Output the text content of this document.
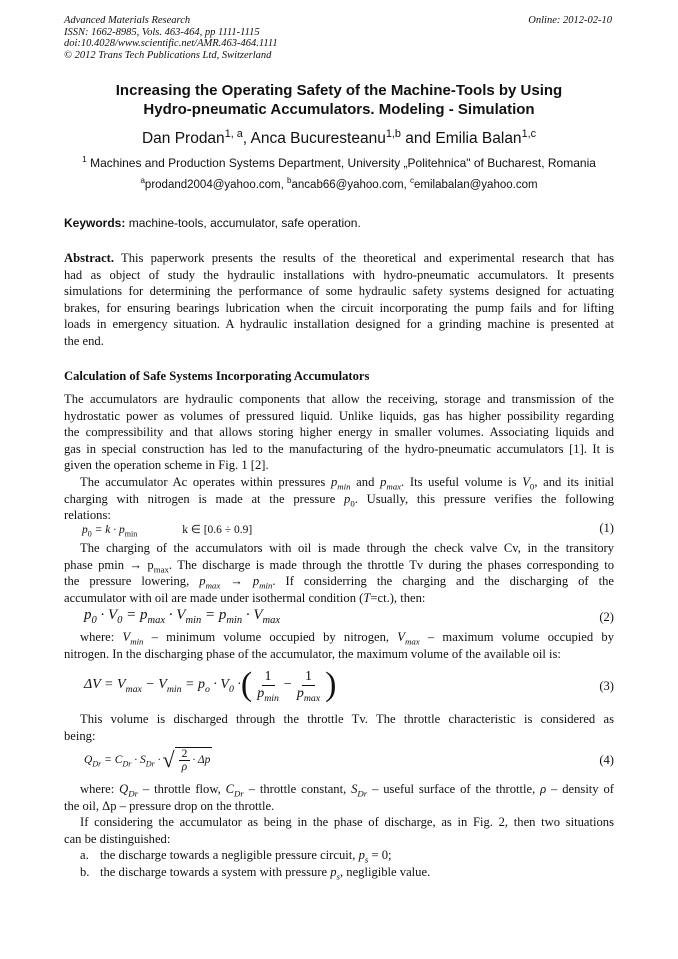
Advanced Materials Research
ISSN: 1662-8985, Vols. 463-464, pp 1111-1115
doi:10.4028/www.scientific.net/AMR.463-464.1111
© 2012 Trans Tech Publications Ltd, Switzerland
Online: 2012-02-10
Increasing the Operating Safety of the Machine-Tools by Using
Hydro-pneumatic Accumulators. Modeling - Simulation
Dan Prodan$^{1, a}$, Anca Bucuresteanu$^{1,b}$ and Emilia Balan$^{1,c}$
$^1$ Machines and Production Systems Department, University „Politehnica" of Bucharest, Romania
$^a$prodand2004@yahoo.com, $^b$ancab66@yahoo.com, $^c$emilabalan@yahoo.com
Keywords: machine-tools, accumulator, safe operation.
Abstract. This paperwork presents the results of the theoretical and experimental research that has
had as object of study the hydraulic installations with hydro-pneumatic accumulators. It presents
simulations for determining the performance of some hydraulic safety systems designed for actuating
brakes, for ensuring bearings lubrication when the circuit incorporating the pump fails and for lifting
loads in emergency situation. A hydraulic installation designed for a grinding machine is presented at
the end.
Calculation of Safe Systems Incorporating Accumulators
The accumulators are hydraulic components that allow the receiving, storage and transmission of the
hydrostatic power as volumes of pressured liquid. Unlike liquids, gas has higher possibility regarding
the compressibility and that allows storing higher energy in smaller volumes. Associating liquids and
gas in special construction has led to the manufacturing of the hydro-pneumatic accumulators [1]. It is
given the operation scheme in Fig. 1 [2].
The accumulator Ac operates within pressures $p_{min}$ and $p_{max}$. Its useful volume is $V_0$, and its initial
charging with nitrogen is made at the pressure $p_0$. Usually, this pressure verifies the following
relations:
$p_0 = k \cdot p_{min}$	k ∈ [0.6 ÷ 0.9]	(1)
The charging of the accumulators with oil is made through the check valve Cv, in the transitory
phase $pmin \to p_{max}$. The discharge is made through the throttle Tv during the phases corresponding to
the pressure lowering, $p_{max} \to p_{min}$. If considerring the charging and the discharging of the
accumulator with oil are made under isothermal condition (T=ct.), then:
$p_0 \cdot V_0 = p_{max} \cdot V_{min} = p_{min} \cdot V_{max}$	(2)
where: $V_{min}$ – minimum volume occupied by nitrogen, $V_{max}$ – maximum volume occupied by
nitrogen. In the discharging phase of the accumulator, the maximum volume of the available oil is:
$\Delta V = V_{max} - V_{min} = p_o \cdot V_0$ · ( $\frac{1}{p_{min}} - \frac{1}{p_{max}}$ )	(3)
This volume is discharged through the throttle Tv. The throttle characteristic is considered as
being:
$Q_{Dr} = C_{Dr} \cdot S_{Dr}$ · √ $\frac{2}{\rho} \cdot \Delta p$	(4)
where: $Q_{Dr}$ – throttle flow, $C_{Dr}$ – throttle constant, $S_{Dr}$ – useful surface of the throttle, ρ – density of
the oil, Δp – pressure drop on the throttle.
If considering the accumulator as being in the phase of discharge, as in Fig. 2, then two situations
can be distinguished:
a. the discharge towards a negligible pressure circuit, $p_s = 0$;
b. the discharge towards a system with pressure $p_s$, negligible value.
